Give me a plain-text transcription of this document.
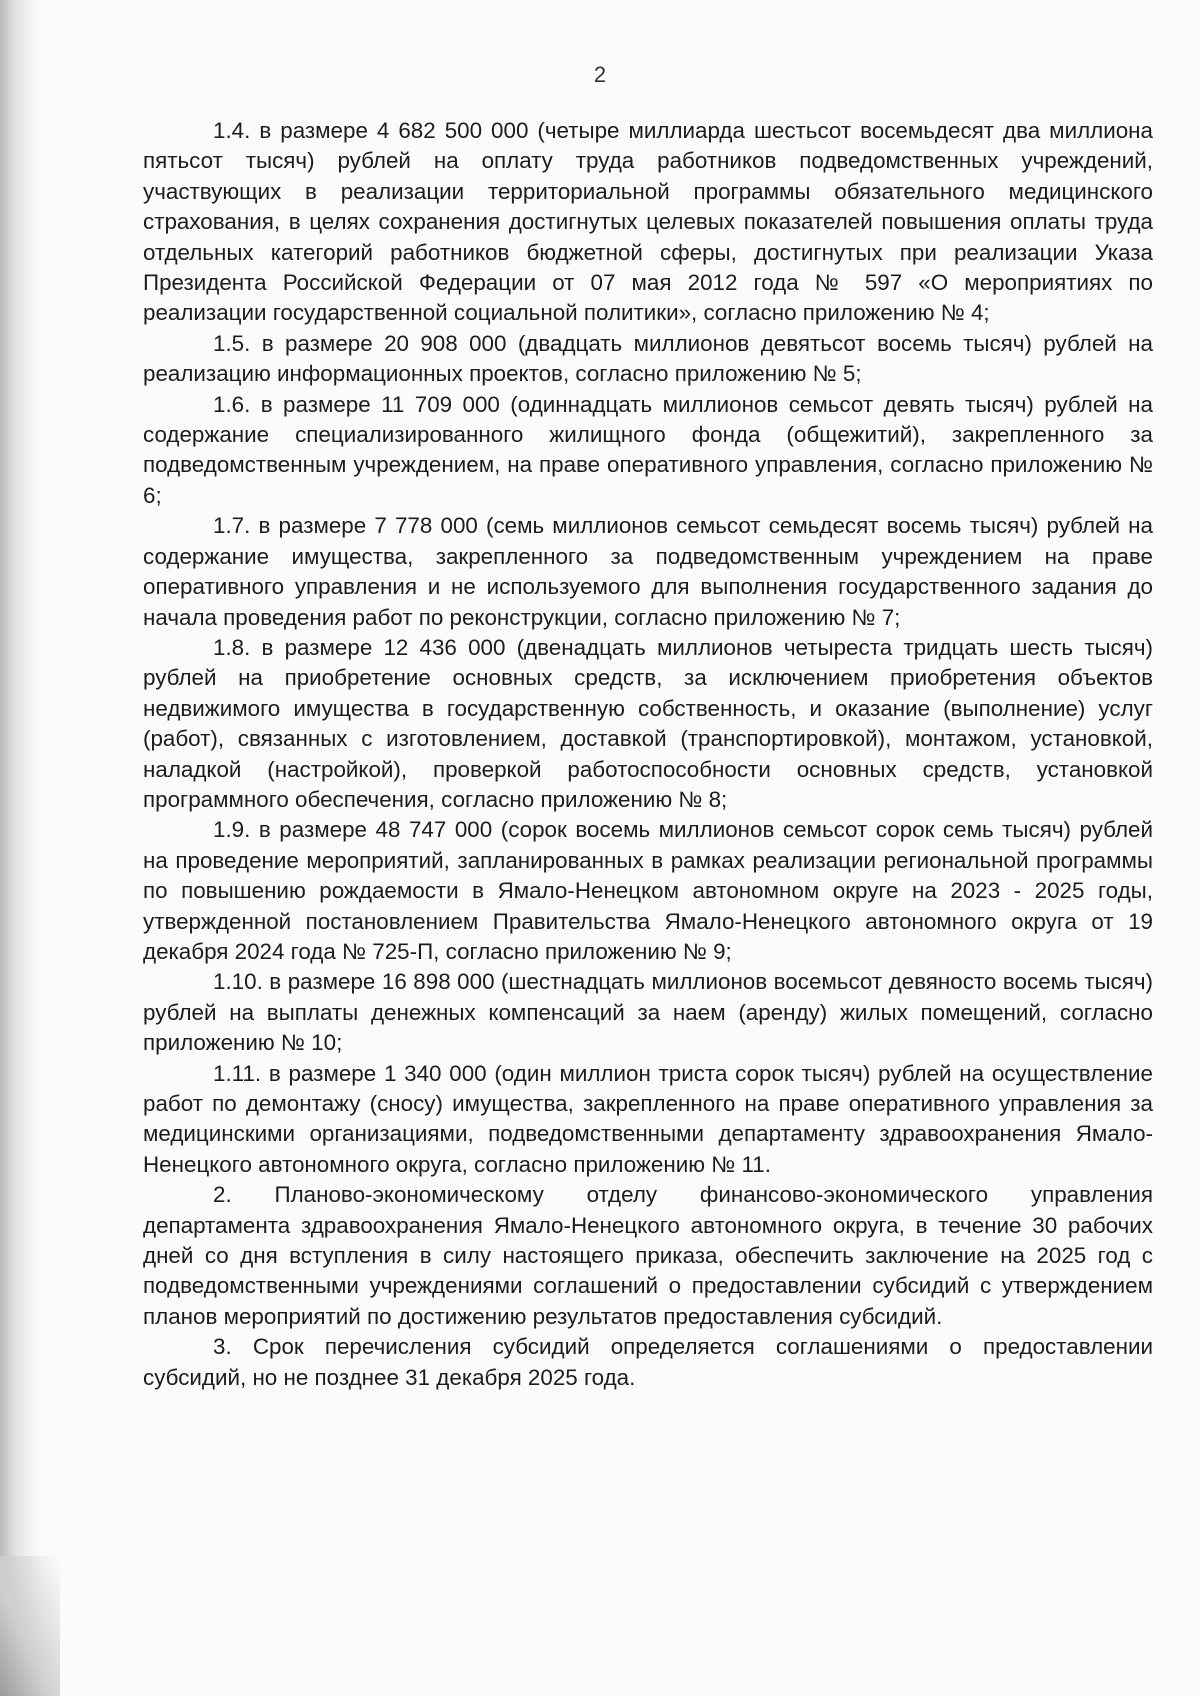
2

1.4. в размере 4 682 500 000 (четыре миллиарда шестьсот восемьдесят два миллиона пятьсот тысяч) рублей на оплату труда работников подведомственных учреждений, участвующих в реализации территориальной программы обязательного медицинского страхования, в целях сохранения достигнутых целевых показателей повышения оплаты труда отдельных категорий работников бюджетной сферы, достигнутых при реализации Указа Президента Российской Федерации от 07 мая 2012 года № 597 «О мероприятиях по реализации государственной социальной политики», согласно приложению № 4;

1.5. в размере 20 908 000 (двадцать миллионов девятьсот восемь тысяч) рублей на реализацию информационных проектов, согласно приложению № 5;

1.6. в размере 11 709 000 (одиннадцать миллионов семьсот девять тысяч) рублей на содержание специализированного жилищного фонда (общежитий), закрепленного за подведомственным учреждением, на праве оперативного управления, согласно приложению № 6;

1.7. в размере 7 778 000 (семь миллионов семьсот семьдесят восемь тысяч) рублей на содержание имущества, закрепленного за подведомственным учреждением на праве оперативного управления и не используемого для выполнения государственного задания до начала проведения работ по реконструкции, согласно приложению № 7;

1.8. в размере 12 436 000 (двенадцать миллионов четыреста тридцать шесть тысяч) рублей на приобретение основных средств, за исключением приобретения объектов недвижимого имущества в государственную собственность, и оказание (выполнение) услуг (работ), связанных с изготовлением, доставкой (транспортировкой), монтажом, установкой, наладкой (настройкой), проверкой работоспособности основных средств, установкой программного обеспечения, согласно приложению № 8;

1.9. в размере 48 747 000 (сорок восемь миллионов семьсот сорок семь тысяч) рублей на проведение мероприятий, запланированных в рамках реализации региональной программы по повышению рождаемости в Ямало-Ненецком автономном округе на 2023 - 2025 годы, утвержденной постановлением Правительства Ямало-Ненецкого автономного округа от 19 декабря 2024 года № 725-П, согласно приложению № 9;

1.10. в размере 16 898 000 (шестнадцать миллионов восемьсот девяносто восемь тысяч) рублей на выплаты денежных компенсаций за наем (аренду) жилых помещений, согласно приложению № 10;

1.11. в размере 1 340 000 (один миллион триста сорок тысяч) рублей на осуществление работ по демонтажу (сносу) имущества, закрепленного на праве оперативного управления за медицинскими организациями, подведомственными департаменту здравоохранения Ямало-Ненецкого автономного округа, согласно приложению № 11.

2. Планово-экономическому отделу финансово-экономического управления департамента здравоохранения Ямало-Ненецкого автономного округа, в течение 30 рабочих дней со дня вступления в силу настоящего приказа, обеспечить заключение на 2025 год с подведомственными учреждениями соглашений о предоставлении субсидий с утверждением планов мероприятий по достижению результатов предоставления субсидий.

3. Срок перечисления субсидий определяется соглашениями о предоставлении субсидий, но не позднее 31 декабря 2025 года.
